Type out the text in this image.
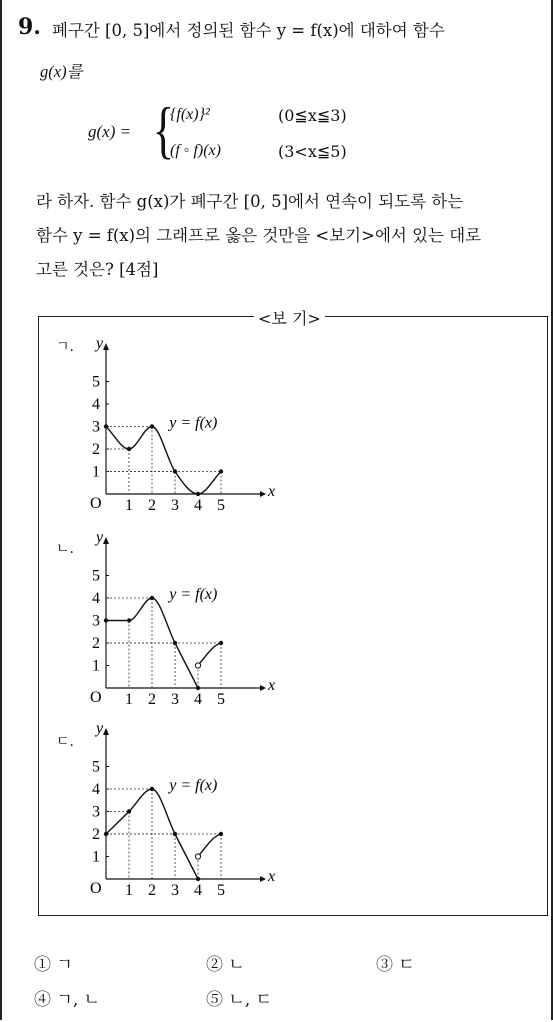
9. 폐구간 [0, 5]에서 정의된 함수 y = f(x)에 대하여 함수
g(x)를
g(x) = {
{f(x)}²	(0≦x≦3)
(f ◦ f)(x)	(3<x≦5)
라 하자. 함수 g(x)가 폐구간 [0, 5]에서 연속이 되도록 하는
함수 y = f(x)의 그래프로 옳은 것만을 <보기>에서 있는 대로
고른 것은? [4점]
<보 기>
ㄱ.
ㄴ.
ㄷ.
x
y
O 1 2 3 4 5
1
2
3
4
5
y = f(x)
x
y
O 1 2 3 4 5
1
2
3
4
5
y = f(x)
x
y
O 1 2 3 4 5
1
2
3
4
5
y = f(x)
① ㄱ	② ㄴ	③ ㄷ
④ ㄱ, ㄴ	⑤ ㄴ, ㄷ
